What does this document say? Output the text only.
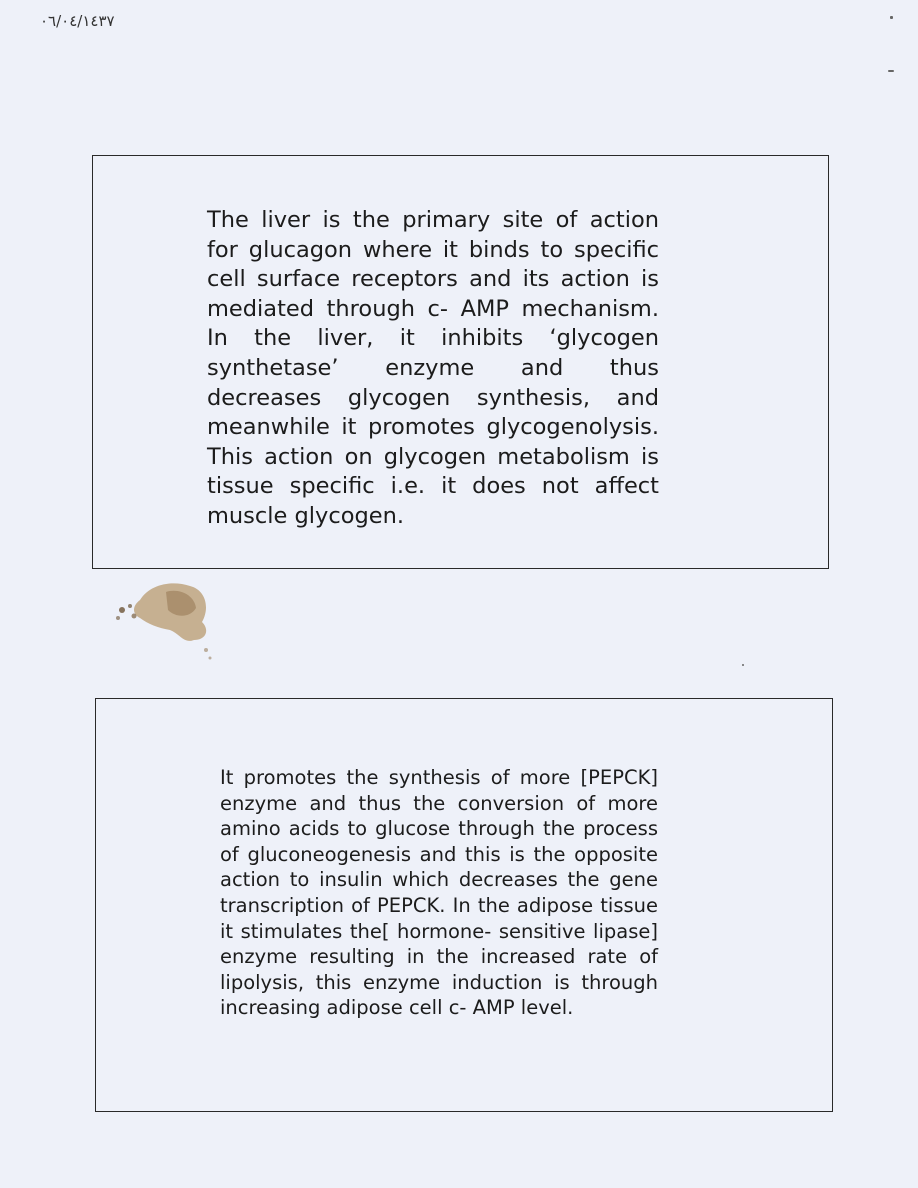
٠٦/٠٤/١٤٣٧

The liver is the primary site of action for glucagon where it binds to specific cell surface receptors and its action is mediated through c- AMP mechanism. In the liver, it inhibits ‘glycogen synthetase’ enzyme and thus decreases glycogen synthesis, and meanwhile it promotes glycogenolysis. This action on glycogen metabolism is tissue specific i.e. it does not affect muscle glycogen.

It promotes the synthesis of more [PEPCK] enzyme and thus the conversion of more amino acids to glucose through the process of gluconeogenesis and this is the opposite action to insulin which decreases the gene transcription of PEPCK. In the adipose tissue it stimulates the[ hormone- sensitive lipase] enzyme resulting in the increased rate of lipolysis, this enzyme induction is through increasing adipose cell c- AMP level.
